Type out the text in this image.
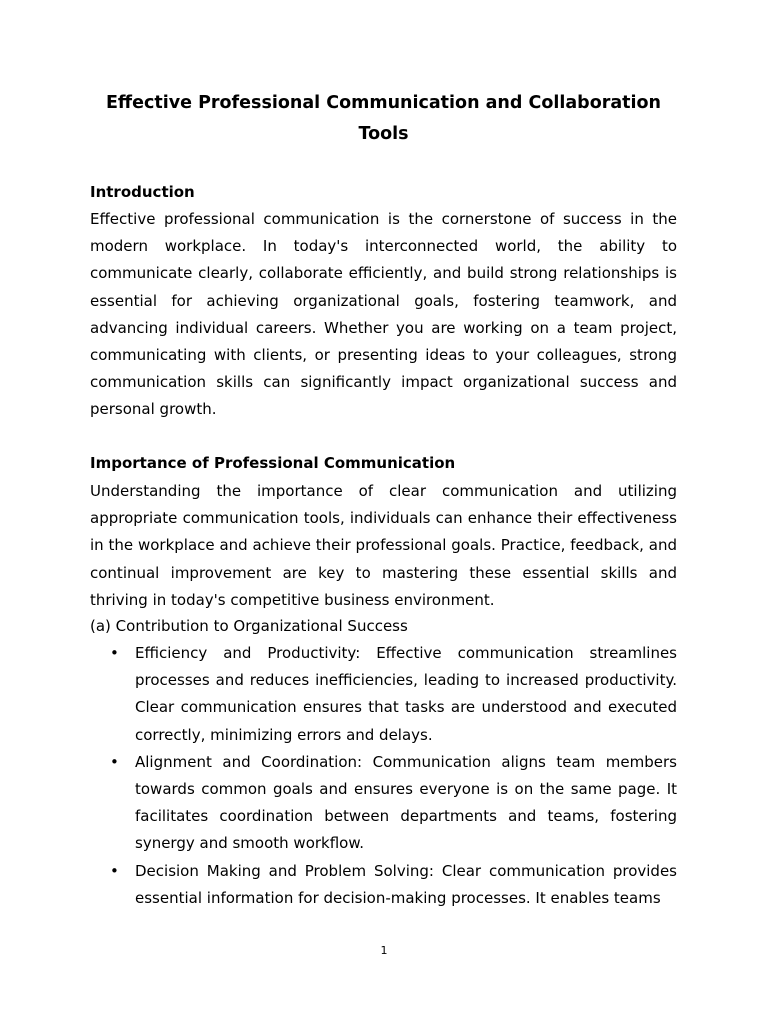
Effective Professional Communication and Collaboration Tools
Introduction

Effective professional communication is the cornerstone of success in the modern workplace. In today's interconnected world, the ability to communicate clearly, collaborate efficiently, and build strong relationships is essential for achieving organizational goals, fostering teamwork, and advancing individual careers. Whether you are working on a team project, communicating with clients, or presenting ideas to your colleagues, strong communication skills can significantly impact organizational success and personal growth.

Importance of Professional Communication

Understanding the importance of clear communication and utilizing appropriate communication tools, individuals can enhance their effectiveness in the workplace and achieve their professional goals. Practice, feedback, and continual improvement are key to mastering these essential skills and thriving in today's competitive business environment.

(a) Contribution to Organizational Success

• Efficiency and Productivity: Effective communication streamlines processes and reduces inefficiencies, leading to increased productivity. Clear communication ensures that tasks are understood and executed correctly, minimizing errors and delays.
• Alignment and Coordination: Communication aligns team members towards common goals and ensures everyone is on the same page. It facilitates coordination between departments and teams, fostering synergy and smooth workflow.
• Decision Making and Problem Solving: Clear communication provides essential information for decision-making processes. It enables teams
1
